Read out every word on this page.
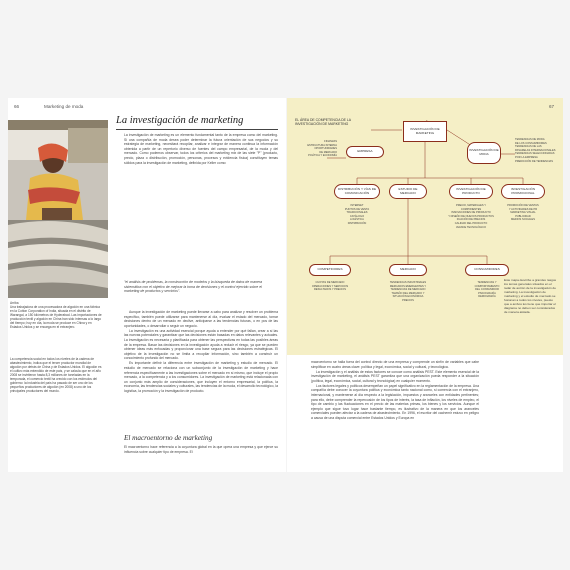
66	Marketing de moda
Arriba
Una trabajadora de una procesadora de algodón en una fábrica en la Cotton Corporation of India, situada en el distrito de Warangal, a 150 kilómetros de Hyderabad. Las importaciones de producción textil y algodón en China han sido intensas a lo largo del tiempo; hoy en día, la moda se produce en China y en Estados Unidos y se encarga en el extranjero.
La competencia social en todos los niveles de la cadena de abastecimiento, indica que el tercer productor mundial de algodón por detrás de China y de Estados Unidos. El algodón es el cultivo más extendido de este país, y se calcula que en el año 2008 se invirtieron hasta 8,3 millones de toneladas en la temporada, el comercio textil ha crecido con los estímulos del gobierno: la industria del país ha pasado de ser uno de los pequeños productores de algodón (en 2008) a uno de los principales productores del mundo.
La investigación de marketing

La investigación de marketing es un elemento fundamental tanto de la empresa como del marketing. Si una compañía de moda desea poder determinar la futura orientación de sus negocios y su estrategia de marketing, necesitará recopilar, analizar e integrar de manera continua la información obtenida a partir de un repertorio diverso de fuentes del campo empresarial, de la moda y del mercado. Como podemos observar, todos los criterios del marketing mix de las siete "P" (producto, precio, plaza o distribución, promoción, personas, procesos y evidencia física) constituyen temas sólidos para la investigación de marketing, definida por Keller como:

"el análisis de problemas, la construcción de modelos y la búsqueda de datos de manera sistemática con el objetivo de mejorar la toma de decisiones y el control ejercido sobre el marketing de productos y servicios".

Aunque la investigación de marketing puede llevarse a cabo para analizar y resolver un problema específico, también puede utilizarse para mantenerse al día, evaluar el estado del mercado, tomar decisiones dentro de un mercado en declive, anticiparse a las tendencias futuras, o en pos de las oportunidades, o desarrollar o seguir un negocio.

La investigación es una actividad esencial porque ayuda a entender por qué fallan, crear a sí las las nuevas potenciales y garantizar que las decisiones están basadas en datos relevantes y actuales. La investigación es necesaria y planificada para obtener las perspectivas en todas las posibles áreas de la empresa. Basar las decisiones en la investigación ayuda a reducir el riesgo, ya que se pueden obtener ideas más enfocadas y proporcionar una base segura para las decisiones estratégicas. El objetivo de la investigación no se limita a recopilar información, sino también a construir un conocimiento profundo del mercado.

Es importante definir la diferencia entre investigación de marketing y estudio de mercado. El estudio de mercado se relaciona con un subconjunto de la investigación de marketing y hace referencia específicamente a las investigaciones sobre el mercado en sí mismo, que incluye el propio mercado, a la competencia y a los consumidores. La investigación de marketing está relacionada con un conjunto más amplio de consideraciones, que incluyen el entorno empresarial, la política, la economía, las tendencias sociales y culturales, las tendencias de la moda, el desarrollo tecnológico, la logística, la promoción y la investigación de producto.

El macroentorno de marketing

El macroentorno hace referencia a la coyuntura global en la que opera una empresa y que ejerce su influencia sobre cualquier tipo de empresa. El

EL ÁREA DE COMPETENCIA DE LA INVESTIGACIÓN DE MARKETING
INVESTIGACIÓN DE MARKETING
EMPRESA	INVESTIGACIÓN DE MODA
FINANZAS
ESTRUCTURA INTERNA
OPORTUNIDADES
DE MERCADO
POLÍTICA Y ECONOMÍA
TENDENCIAS DE MODA
DE LOS CONSUMIDORES
TENDENCIAS DE LAS
PASARELAS INTERNACIONALES
TENDENCIAS SELECCIONADAS
POR LA EMPRESA
PREDICCIÓN DE TENDENCIAS
DISTRIBUCIÓN Y VÍAS DE COMUNICACIÓN
ESTUDIO DE MERCADO
INVESTIGACIÓN DE PRODUCTO
INVESTIGACIÓN PROMOCIONAL
INTERNET
PUNTOS DE VENTA
TRADICIONALES
CATÁLOGO
LOGÍSTICA
DISTRIBUCIÓN
PRECIO, MATERIALES Y
COMPONENTES
INNOVACIONES DE PRODUCTO
Y DISEÑO DE NUEVOS PRODUCTOS
FIJACIÓN DE PRECIOS
CALIDAD DEL PRODUCTO
AVANCE TECNOLÓGICO
PROMOCIÓN DE VENTAS
Y ACTIVIDADES DE PR
MARKETING VISUAL
PUBLICIDAD
MEDIOS SOCIALES
COMPETIDORES	MERCADO	CONSUMIDORES
CUOTAS DE MERCADO
OPERACIONES Y SERVICIOS
RESULTADOS Y PRECIOS
TENDENCIAS INDUSTRIALES
MERCADOS EMERGENTES Y
TENDENCIAS DE MERCADO
TAMAÑO DEL MERCADO Y
SITUACIÓN ECONÓMICA
PRECIOS
TENDENCIAS Y
COMPORTAMIENTO
DEL CONSUMIDOR
PSICOGRAFÍA
DEMOGRAFÍA
Este mapa describe a grandes rasgos los temas generales situados en el radar de acción de la investigación de marketing. La investigación de marketing y el estudio de mercado se fusionan a todos los niveles, puesto que a ambos les tiene que importar el diagrama no deben ser considerados de manera aislada.
67

macroentorno se halla fuera del control directo de una empresa y comprende un sinfín de variables que cabe simplificar en cuatro áreas clave: política y legal, económica, social y cultural, y tecnológica.

La investigación y el análisis de estos factores se conoce como análisis PEST. Este elemento esencial de la investigación de marketing, el análisis PEST garantiza que una organización pueda responder a la situación (política, legal, económica, social, cultural y tecnológica) en cualquier momento.

Los factores legales y políticos desempeñan un papel significativo en la reglamentación de la empresa. Una compañía debe conocer la coyuntura política y económica tanto nacional como, si comercia con el extranjero, internacional, y mantenerse al día respecto a la legislación, impuestos y aranceles con entidades pertinentes; para ello, debe comprender la repercusión de los tipos de interés, la tasa de inflación, los niveles de empleo, el tipo de cambio y las fluctuaciones en el precio de las materias primas, los bienes y los servicios. Aunque el ejemplo que sigue tuvo lugar hace bastante tiempo, es ilustrativo de la manera en que los aranceles comerciales pueden afectar a la cadena de abastecimiento. En 1996, el escritor del cachemir estuvo en peligro a causa de una disputa comercial entre Estados Unidos y Europa en
